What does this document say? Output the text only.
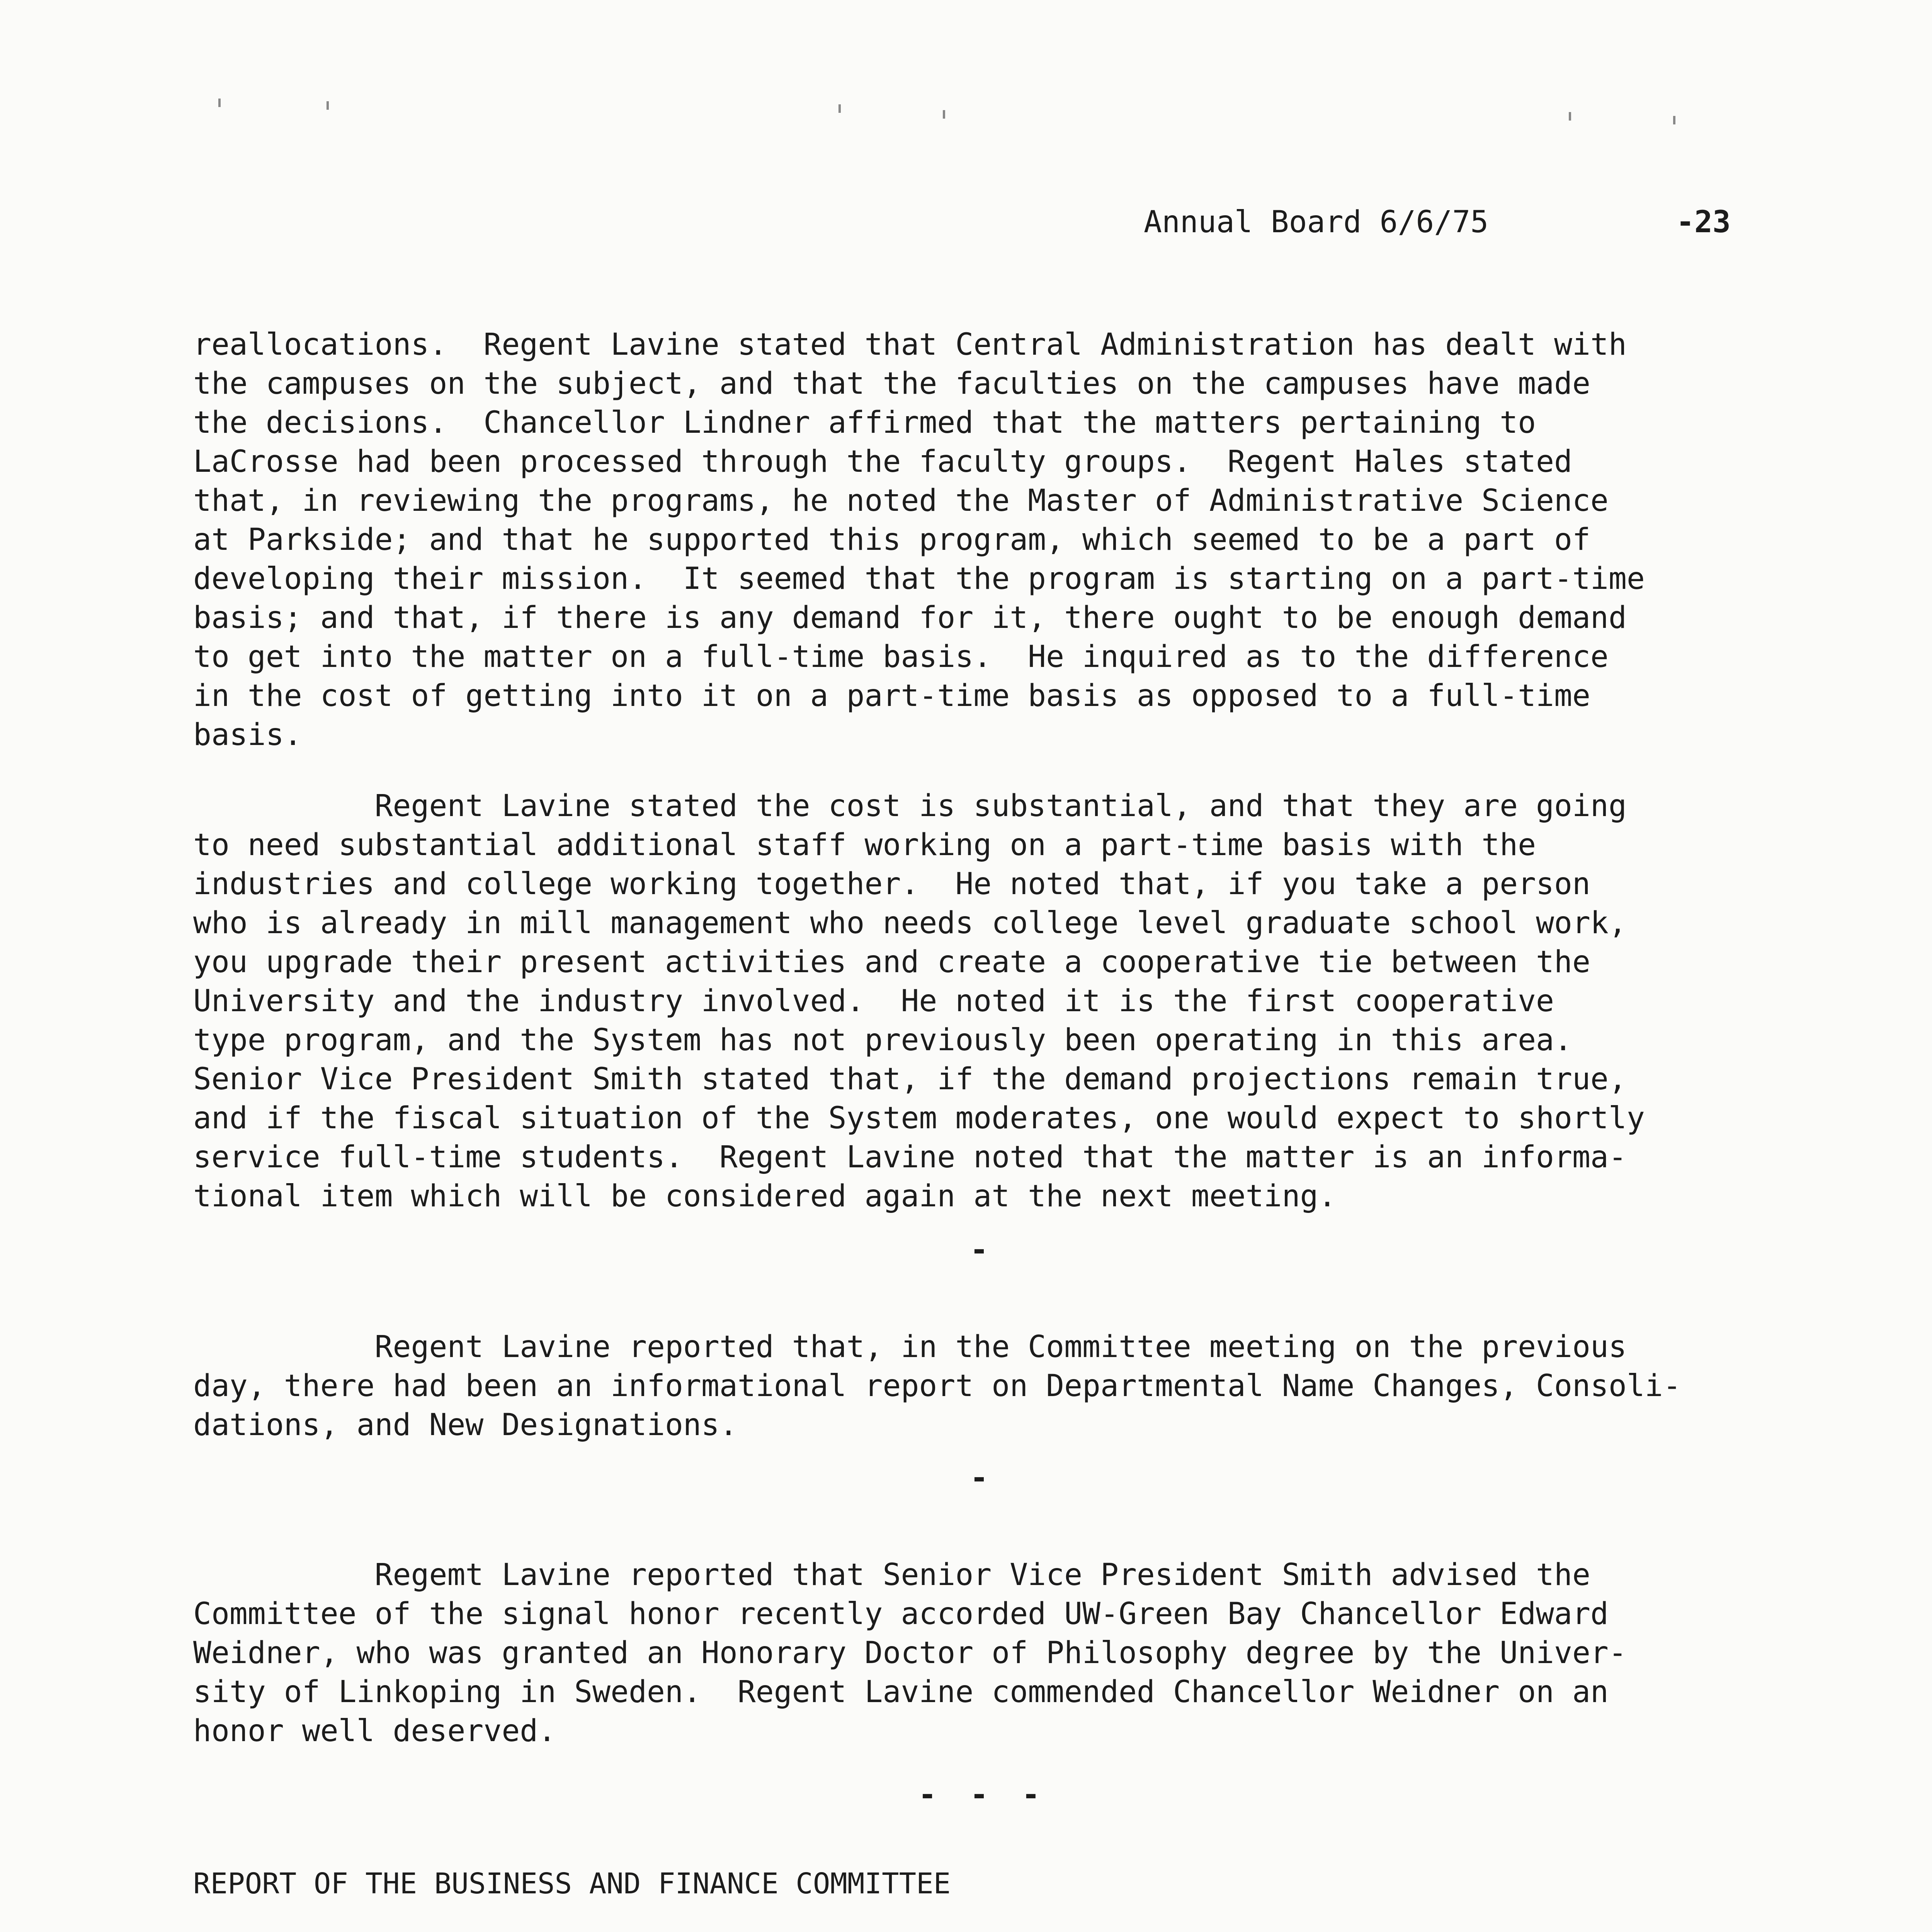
Annual Board 6/6/75	-23
reallocations.  Regent Lavine stated that Central Administration has dealt with
the campuses on the subject, and that the faculties on the campuses have made
the decisions.  Chancellor Lindner affirmed that the matters pertaining to
LaCrosse had been processed through the faculty groups.  Regent Hales stated
that, in reviewing the programs, he noted the Master of Administrative Science
at Parkside; and that he supported this program, which seemed to be a part of
developing their mission.  It seemed that the program is starting on a part-time
basis; and that, if there is any demand for it, there ought to be enough demand
to get into the matter on a full-time basis.  He inquired as to the difference
in the cost of getting into it on a part-time basis as opposed to a full-time
basis.
Regent Lavine stated the cost is substantial, and that they are going
to need substantial additional staff working on a part-time basis with the
industries and college working together.  He noted that, if you take a person
who is already in mill management who needs college level graduate school work,
you upgrade their present activities and create a cooperative tie between the
University and the industry involved.  He noted it is the first cooperative
type program, and the System has not previously been operating in this area.
Senior Vice President Smith stated that, if the demand projections remain true,
and if the fiscal situation of the System moderates, one would expect to shortly
service full-time students.  Regent Lavine noted that the matter is an informa-
tional item which will be considered again at the next meeting.
-
Regent Lavine reported that, in the Committee meeting on the previous
day, there had been an informational report on Departmental Name Changes, Consoli-
dations, and New Designations.
-
Regemt Lavine reported that Senior Vice President Smith advised the
Committee of the signal honor recently accorded UW-Green Bay Chancellor Edward
Weidner, who was granted an Honorary Doctor of Philosophy degree by the Univer-
sity of Linkoping in Sweden.  Regent Lavine commended Chancellor Weidner on an
honor well deserved.
- - -
REPORT OF THE BUSINESS AND FINANCE COMMITTEE
